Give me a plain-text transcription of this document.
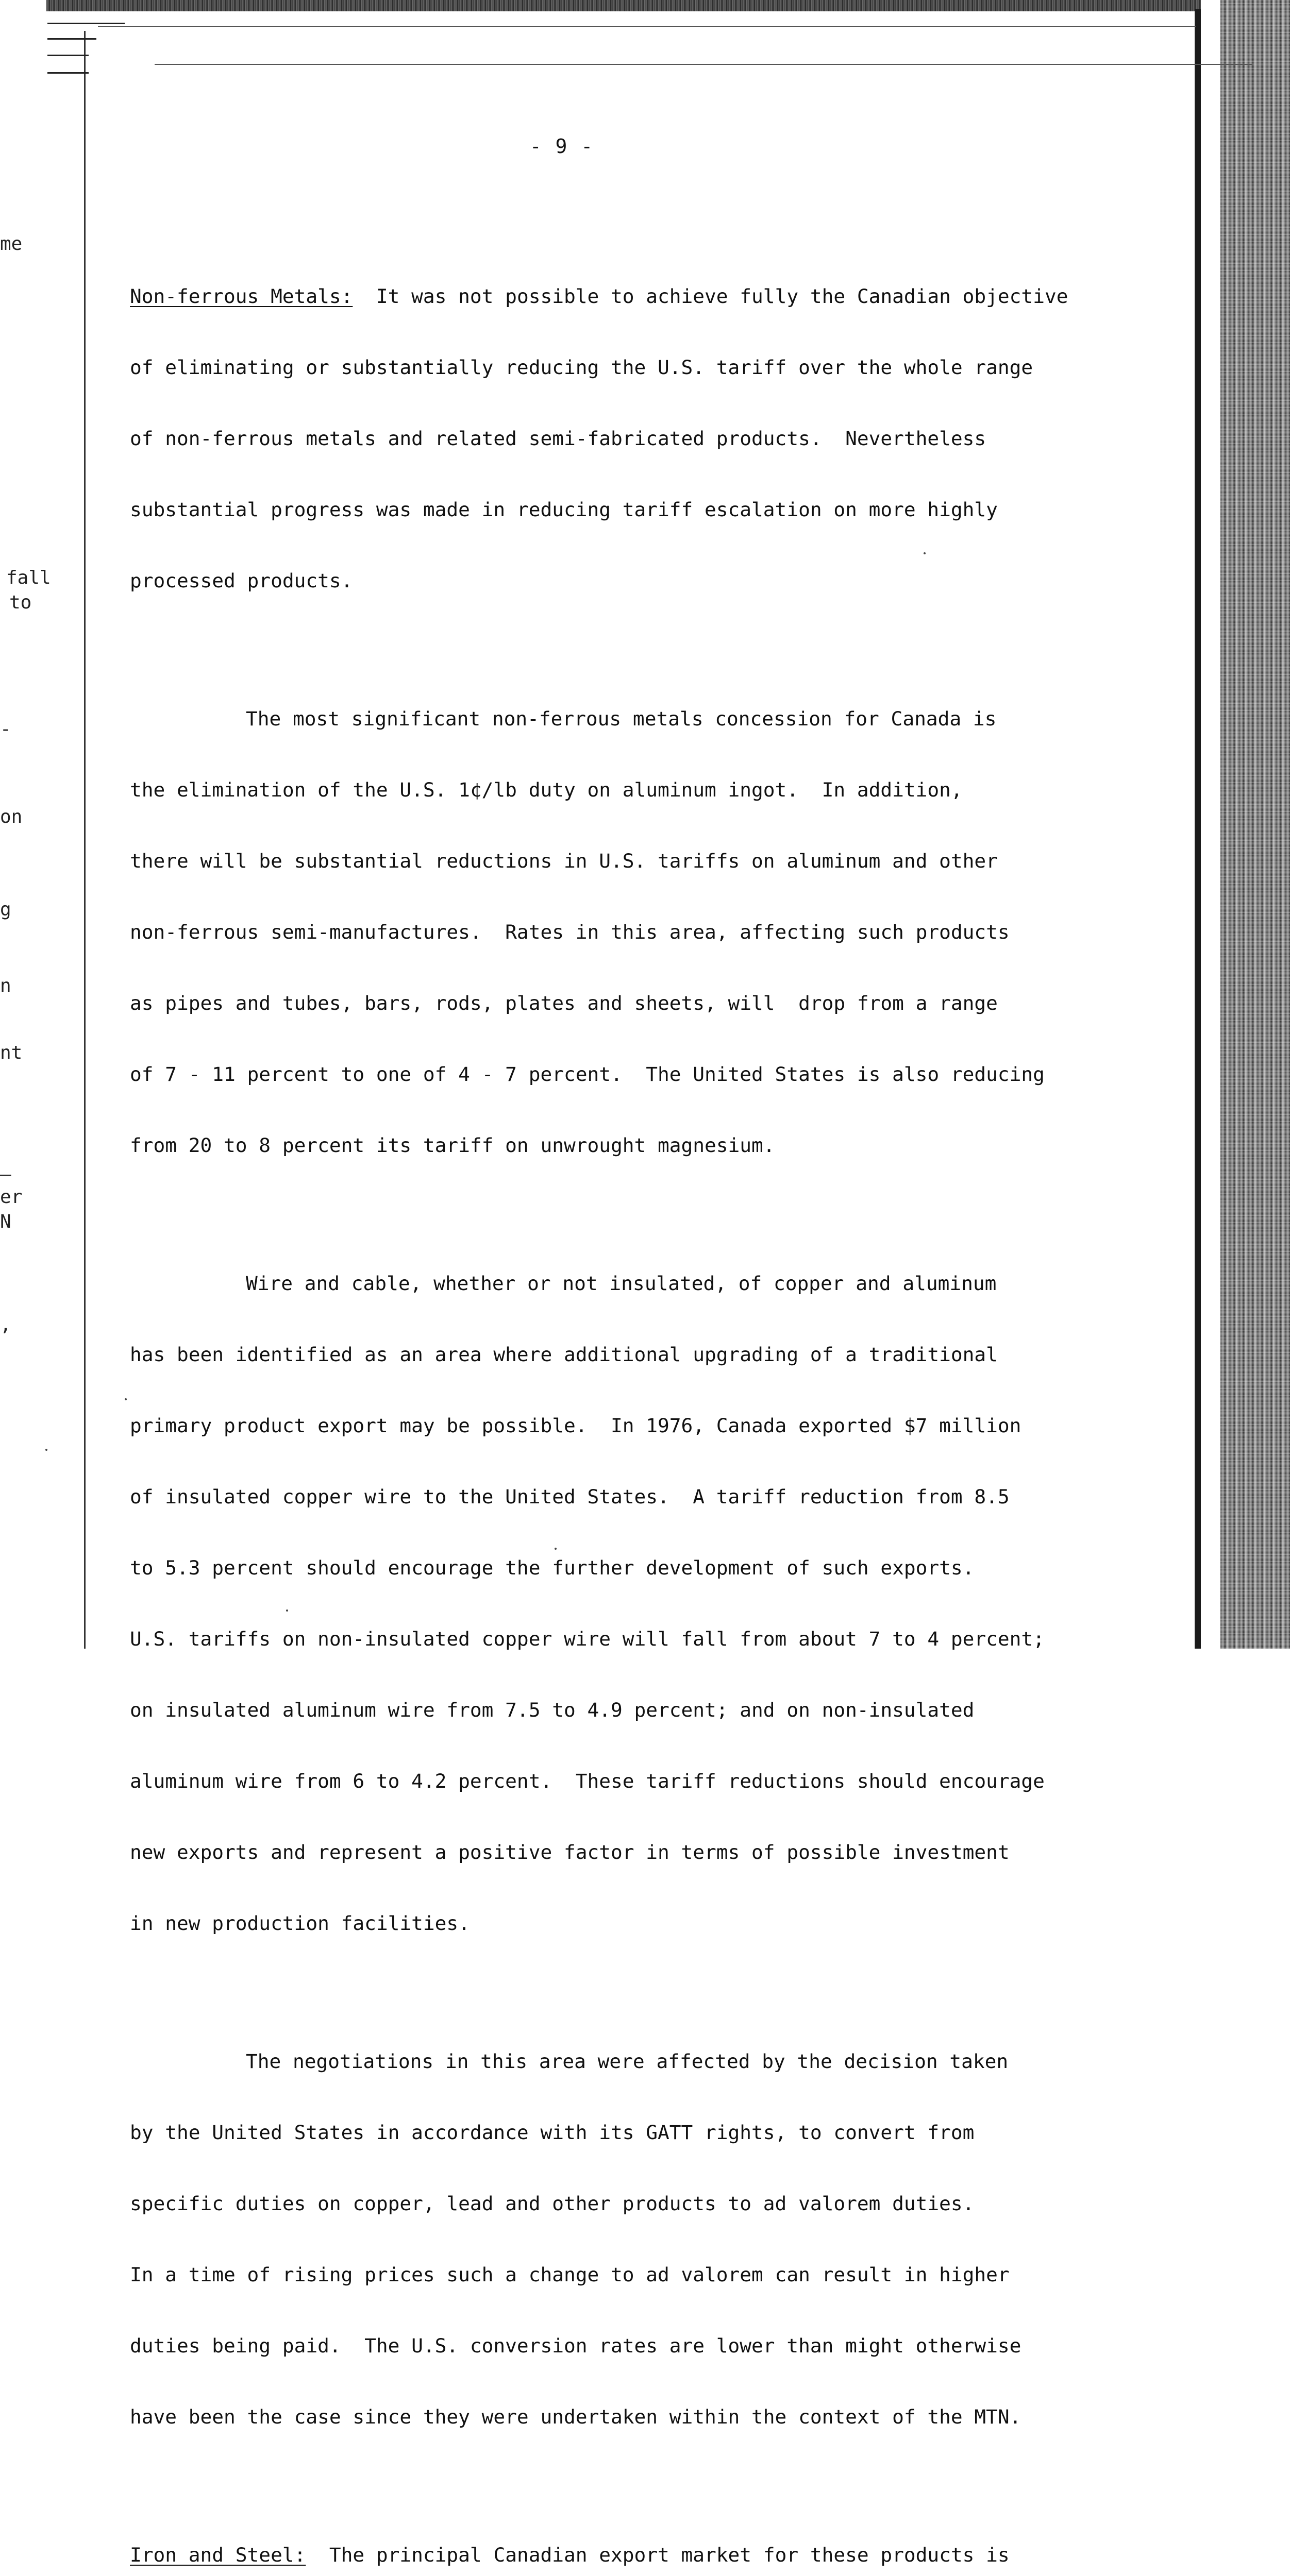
me
fall
to
-
on
g
n
nt
–
er
N
,
- 9 -

Non-ferrous Metals: It was not possible to achieve fully the Canadian objective

of eliminating or substantially reducing the U.S. tariff over the whole range

of non-ferrous metals and related semi-fabricated products.  Nevertheless

substantial progress was made in reducing tariff escalation on more highly

processed products.

The most significant non-ferrous metals concession for Canada is

the elimination of the U.S. 1¢/lb duty on aluminum ingot.  In addition,

there will be substantial reductions in U.S. tariffs on aluminum and other

non-ferrous semi-manufactures.  Rates in this area, affecting such products

as pipes and tubes, bars, rods, plates and sheets, will  drop from a range

of 7 - 11 percent to one of 4 - 7 percent.  The United States is also reducing

from 20 to 8 percent its tariff on unwrought magnesium.

Wire and cable, whether or not insulated, of copper and aluminum

has been identified as an area where additional upgrading of a traditional

primary product export may be possible.  In 1976, Canada exported $7 million

of insulated copper wire to the United States.  A tariff reduction from 8.5

to 5.3 percent should encourage the further development of such exports.

U.S. tariffs on non-insulated copper wire will fall from about 7 to 4 percent;

on insulated aluminum wire from 7.5 to 4.9 percent; and on non-insulated

aluminum wire from 6 to 4.2 percent.  These tariff reductions should encourage

new exports and represent a positive factor in terms of possible investment

in new production facilities.

The negotiations in this area were affected by the decision taken

by the United States in accordance with its GATT rights, to convert from

specific duties on copper, lead and other products to ad valorem duties.

In a time of rising prices such a change to ad valorem can result in higher

duties being paid.  The U.S. conversion rates are lower than might otherwise

have been the case since they were undertaken within the context of the MTN.

Iron and Steel: The principal Canadian export market for these products is
